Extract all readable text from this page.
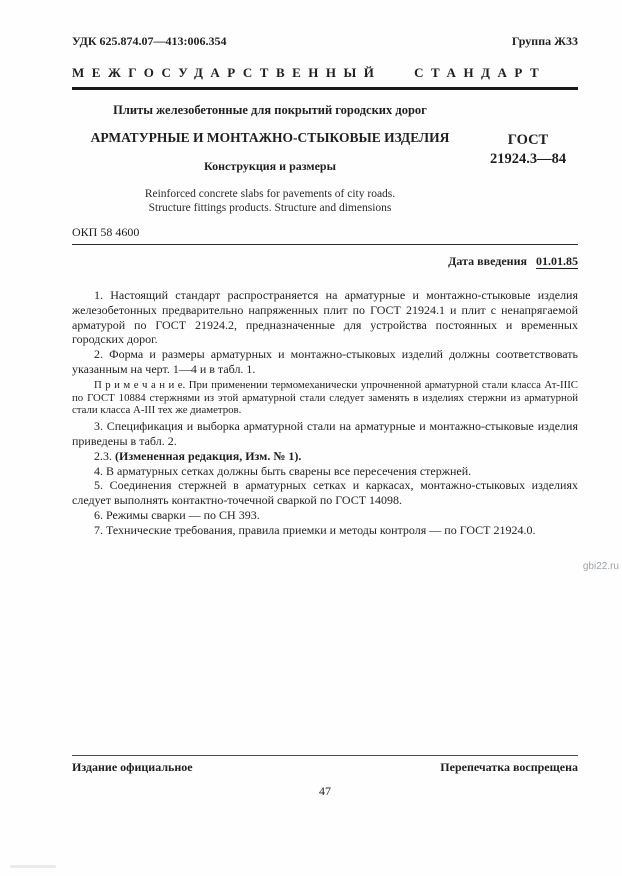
УДК 625.874.07—413:006.354	Группа Ж33
МЕЖГОСУДАРСТВЕННЫЙ СТАНДАРТ
Плиты железобетонные для покрытий городских дорог
АРМАТУРНЫЕ И МОНТАЖНО-СТЫКОВЫЕ ИЗДЕЛИЯ
Конструкция и размеры
Reinforced concrete slabs for pavements of city roads.
Structure fittings products. Structure and dimensions
ГОСТ
21924.3—84
ОКП 58 4600
Дата введения 01.01.85

1. Настоящий стандарт распространяется на арматурные и монтажно-стыковые изделия железобетонных предварительно напряженных плит по ГОСТ 21924.1 и плит с ненапрягаемой арматурой по ГОСТ 21924.2, предназначенные для устройства постоянных и временных городских дорог.

2. Форма и размеры арматурных и монтажно-стыковых изделий должны соответствовать указанным на черт. 1—4 и в табл. 1.

П р и м е ч а н и е. При применении термомеханически упрочненной арматурной стали класса Ат-IIIС по ГОСТ 10884 стержнями из этой арматурной стали следует заменять в изделиях стержни из арматурной стали класса А-III тех же диаметров.

3. Спецификация и выборка арматурной стали на арматурные и монтажно-стыковые изделия приведены в табл. 2.

2.3. (Измененная редакция, Изм. № 1).

4. В арматурных сетках должны быть сварены все пересечения стержней.

5. Соединения стержней в арматурных сетках и каркасах, монтажно-стыковых изделиях следует выполнять контактно-точечной сваркой по ГОСТ 14098.

6. Режимы сварки — по СН 393.

7. Технические требования, правила приемки и методы контроля — по ГОСТ 21924.0.

gbi22.ru
Издание официальное	Перепечатка воспрещена
47
